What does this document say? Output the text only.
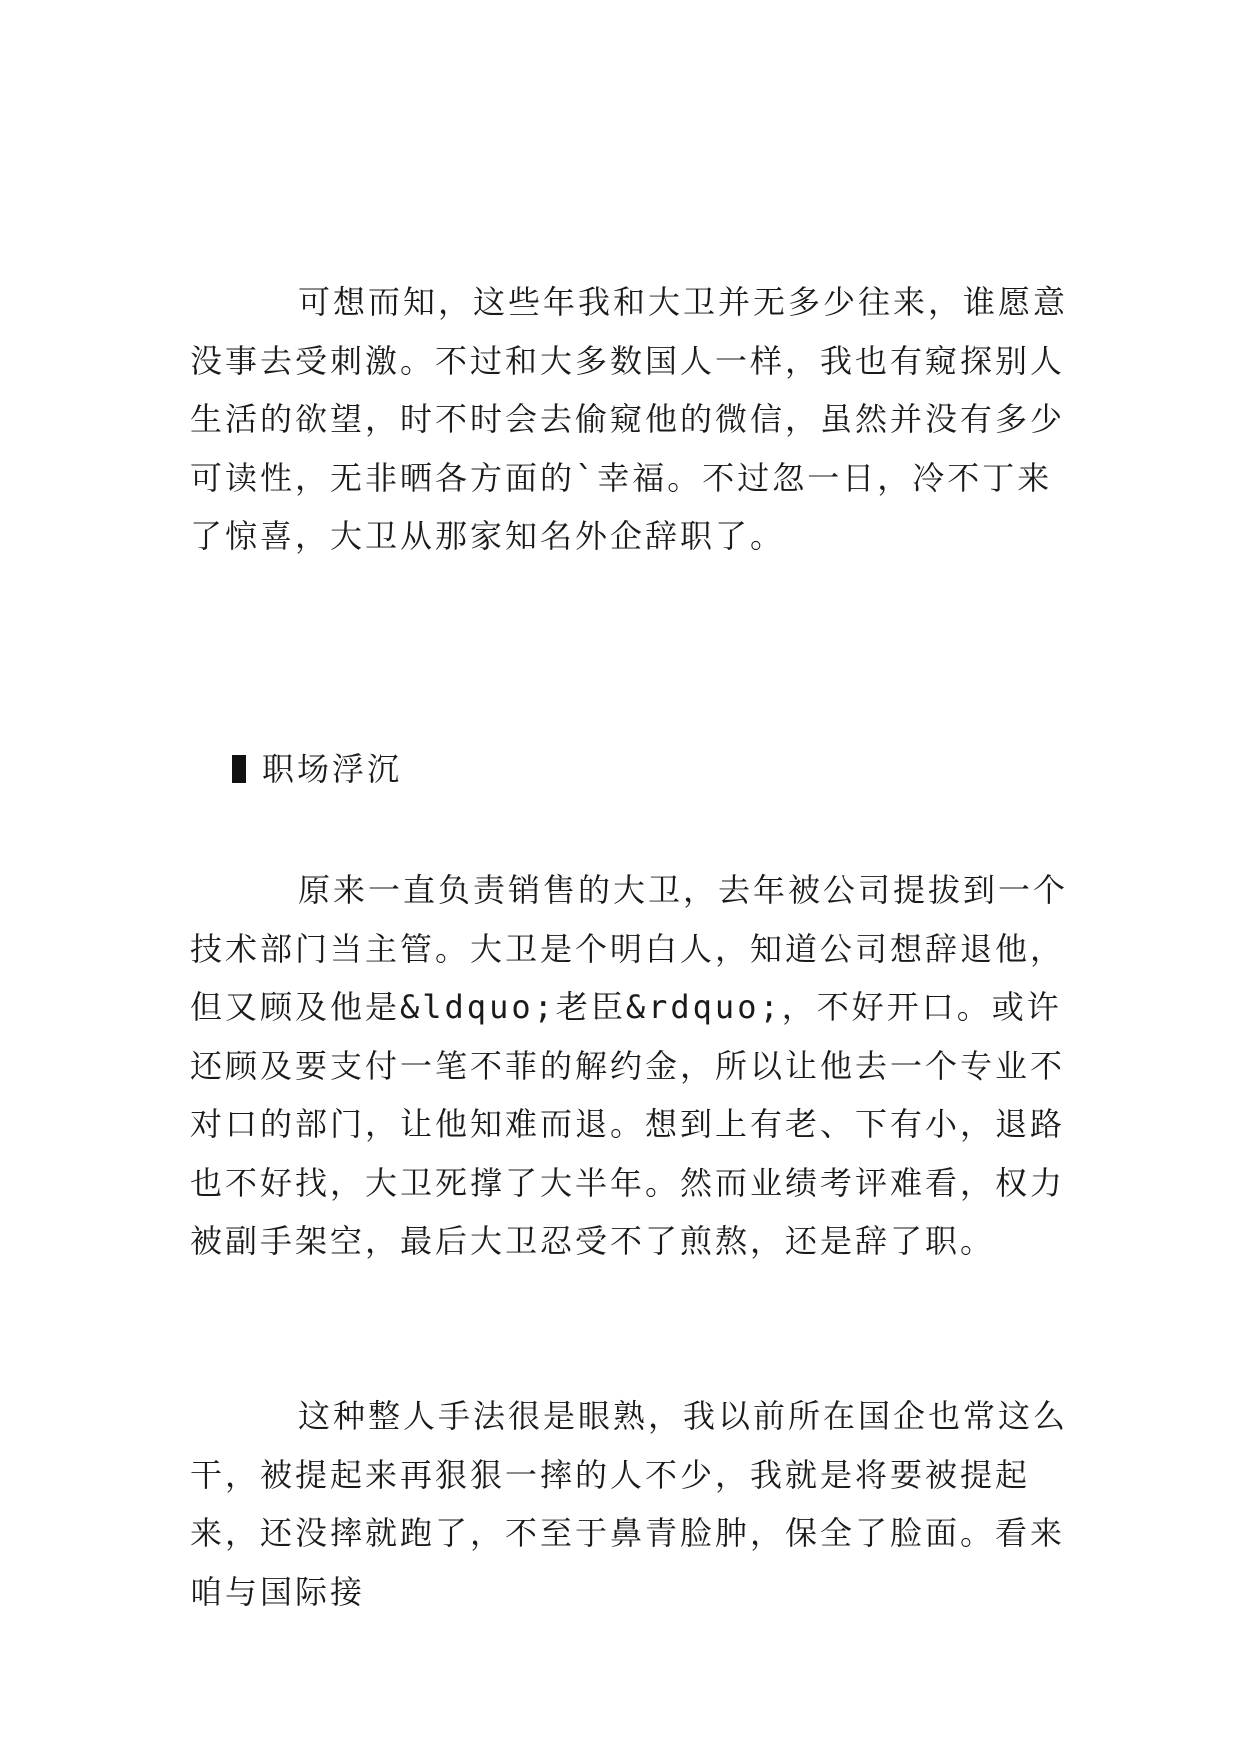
可想而知，这些年我和大卫并无多少往来，谁愿意没事去受刺激。不过和大多数国人一样，我也有窥探别人生活的欲望，时不时会去偷窥他的微信，虽然并没有多少可读性，无非晒各方面的`幸福。不过忽一日，冷不丁来了惊喜，大卫从那家知名外企辞职了。

职场浮沉

原来一直负责销售的大卫，去年被公司提拔到一个技术部门当主管。大卫是个明白人，知道公司想辞退他，但又顾及他是&ldquo;老臣&rdquo;，不好开口。或许还顾及要支付一笔不菲的解约金，所以让他去一个专业不对口的部门，让他知难而退。想到上有老、下有小，退路也不好找，大卫死撑了大半年。然而业绩考评难看，权力被副手架空，最后大卫忍受不了煎熬，还是辞了职。

这种整人手法很是眼熟，我以前所在国企也常这么干，被提起来再狠狠一摔的人不少，我就是将要被提起来，还没摔就跑了，不至于鼻青脸肿，保全了脸面。看来咱与国际接
